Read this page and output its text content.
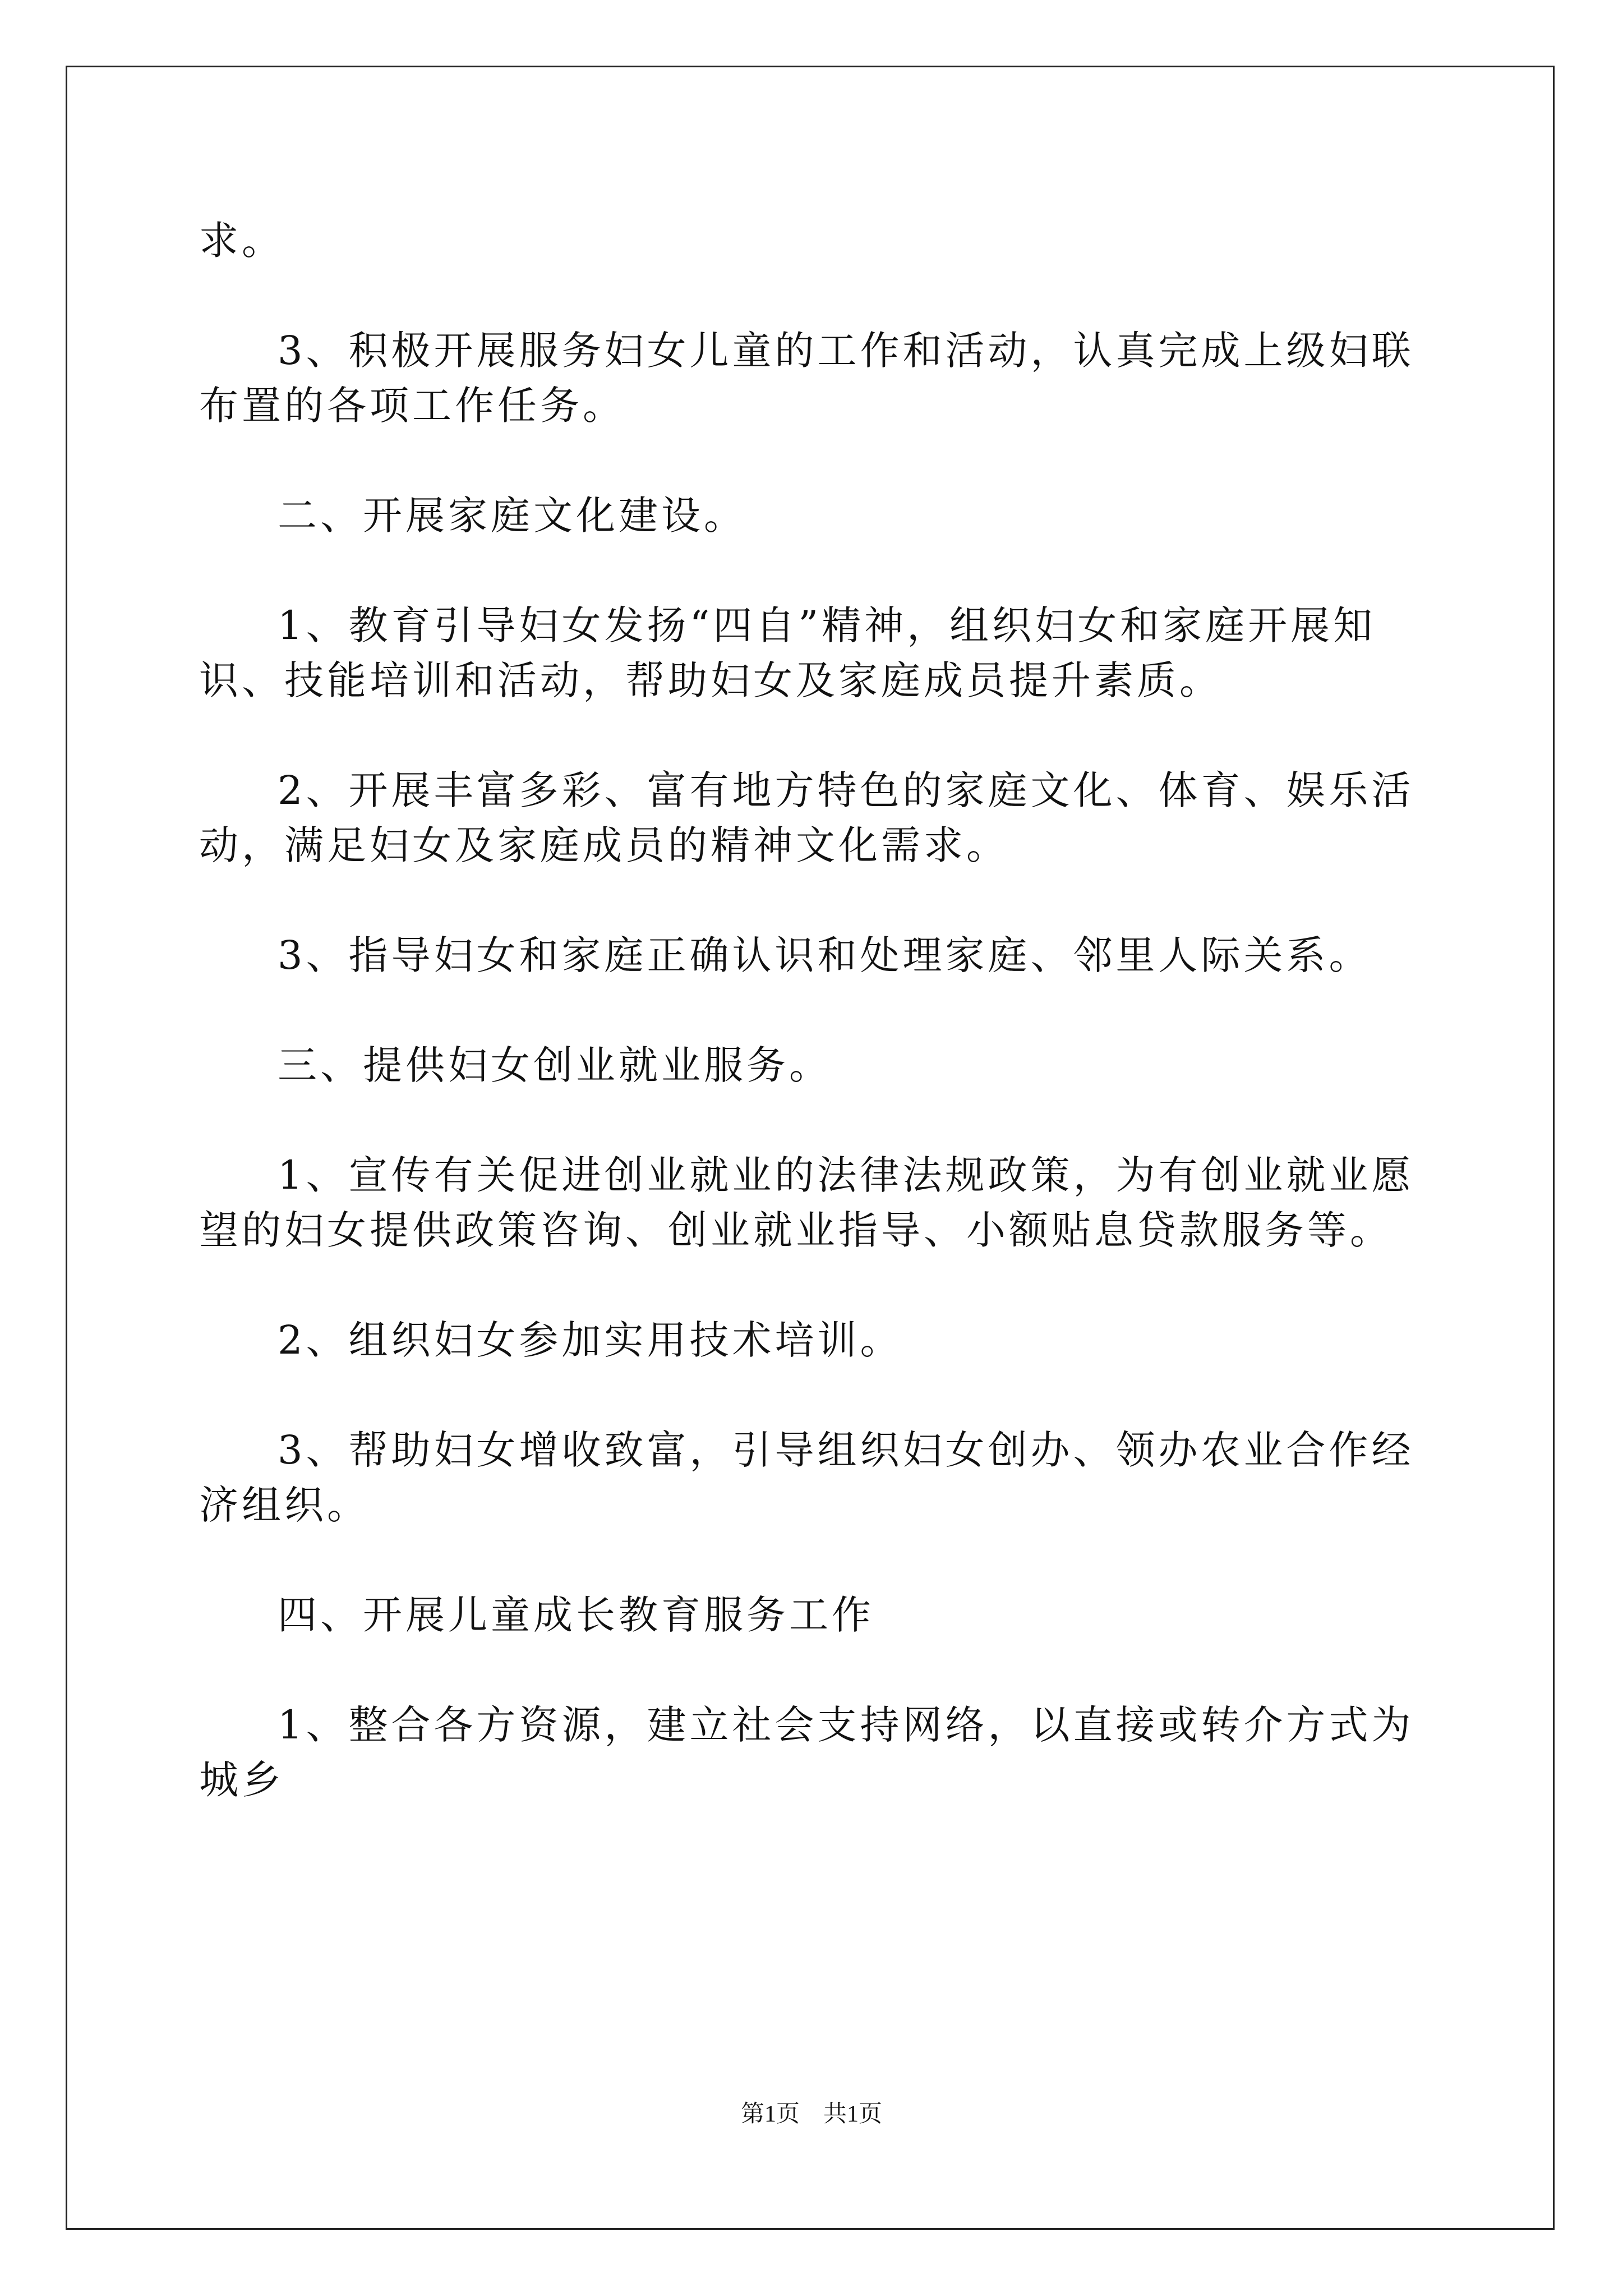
求。

3、积极开展服务妇女儿童的工作和活动，认真完成上级妇联布置的各项工作任务。

二、开展家庭文化建设。

1、教育引导妇女发扬“四自”精神，组织妇女和家庭开展知识、技能培训和活动，帮助妇女及家庭成员提升素质。

2、开展丰富多彩、富有地方特色的家庭文化、体育、娱乐活动，满足妇女及家庭成员的精神文化需求。

3、指导妇女和家庭正确认识和处理家庭、邻里人际关系。

三、提供妇女创业就业服务。

1、宣传有关促进创业就业的法律法规政策，为有创业就业愿望的妇女提供政策咨询、创业就业指导、小额贴息贷款服务等。

2、组织妇女参加实用技术培训。

3、帮助妇女增收致富，引导组织妇女创办、领办农业合作经济组织。

四、开展儿童成长教育服务工作

1、整合各方资源，建立社会支持网络，以直接或转介方式为城乡

第1页　共1页
